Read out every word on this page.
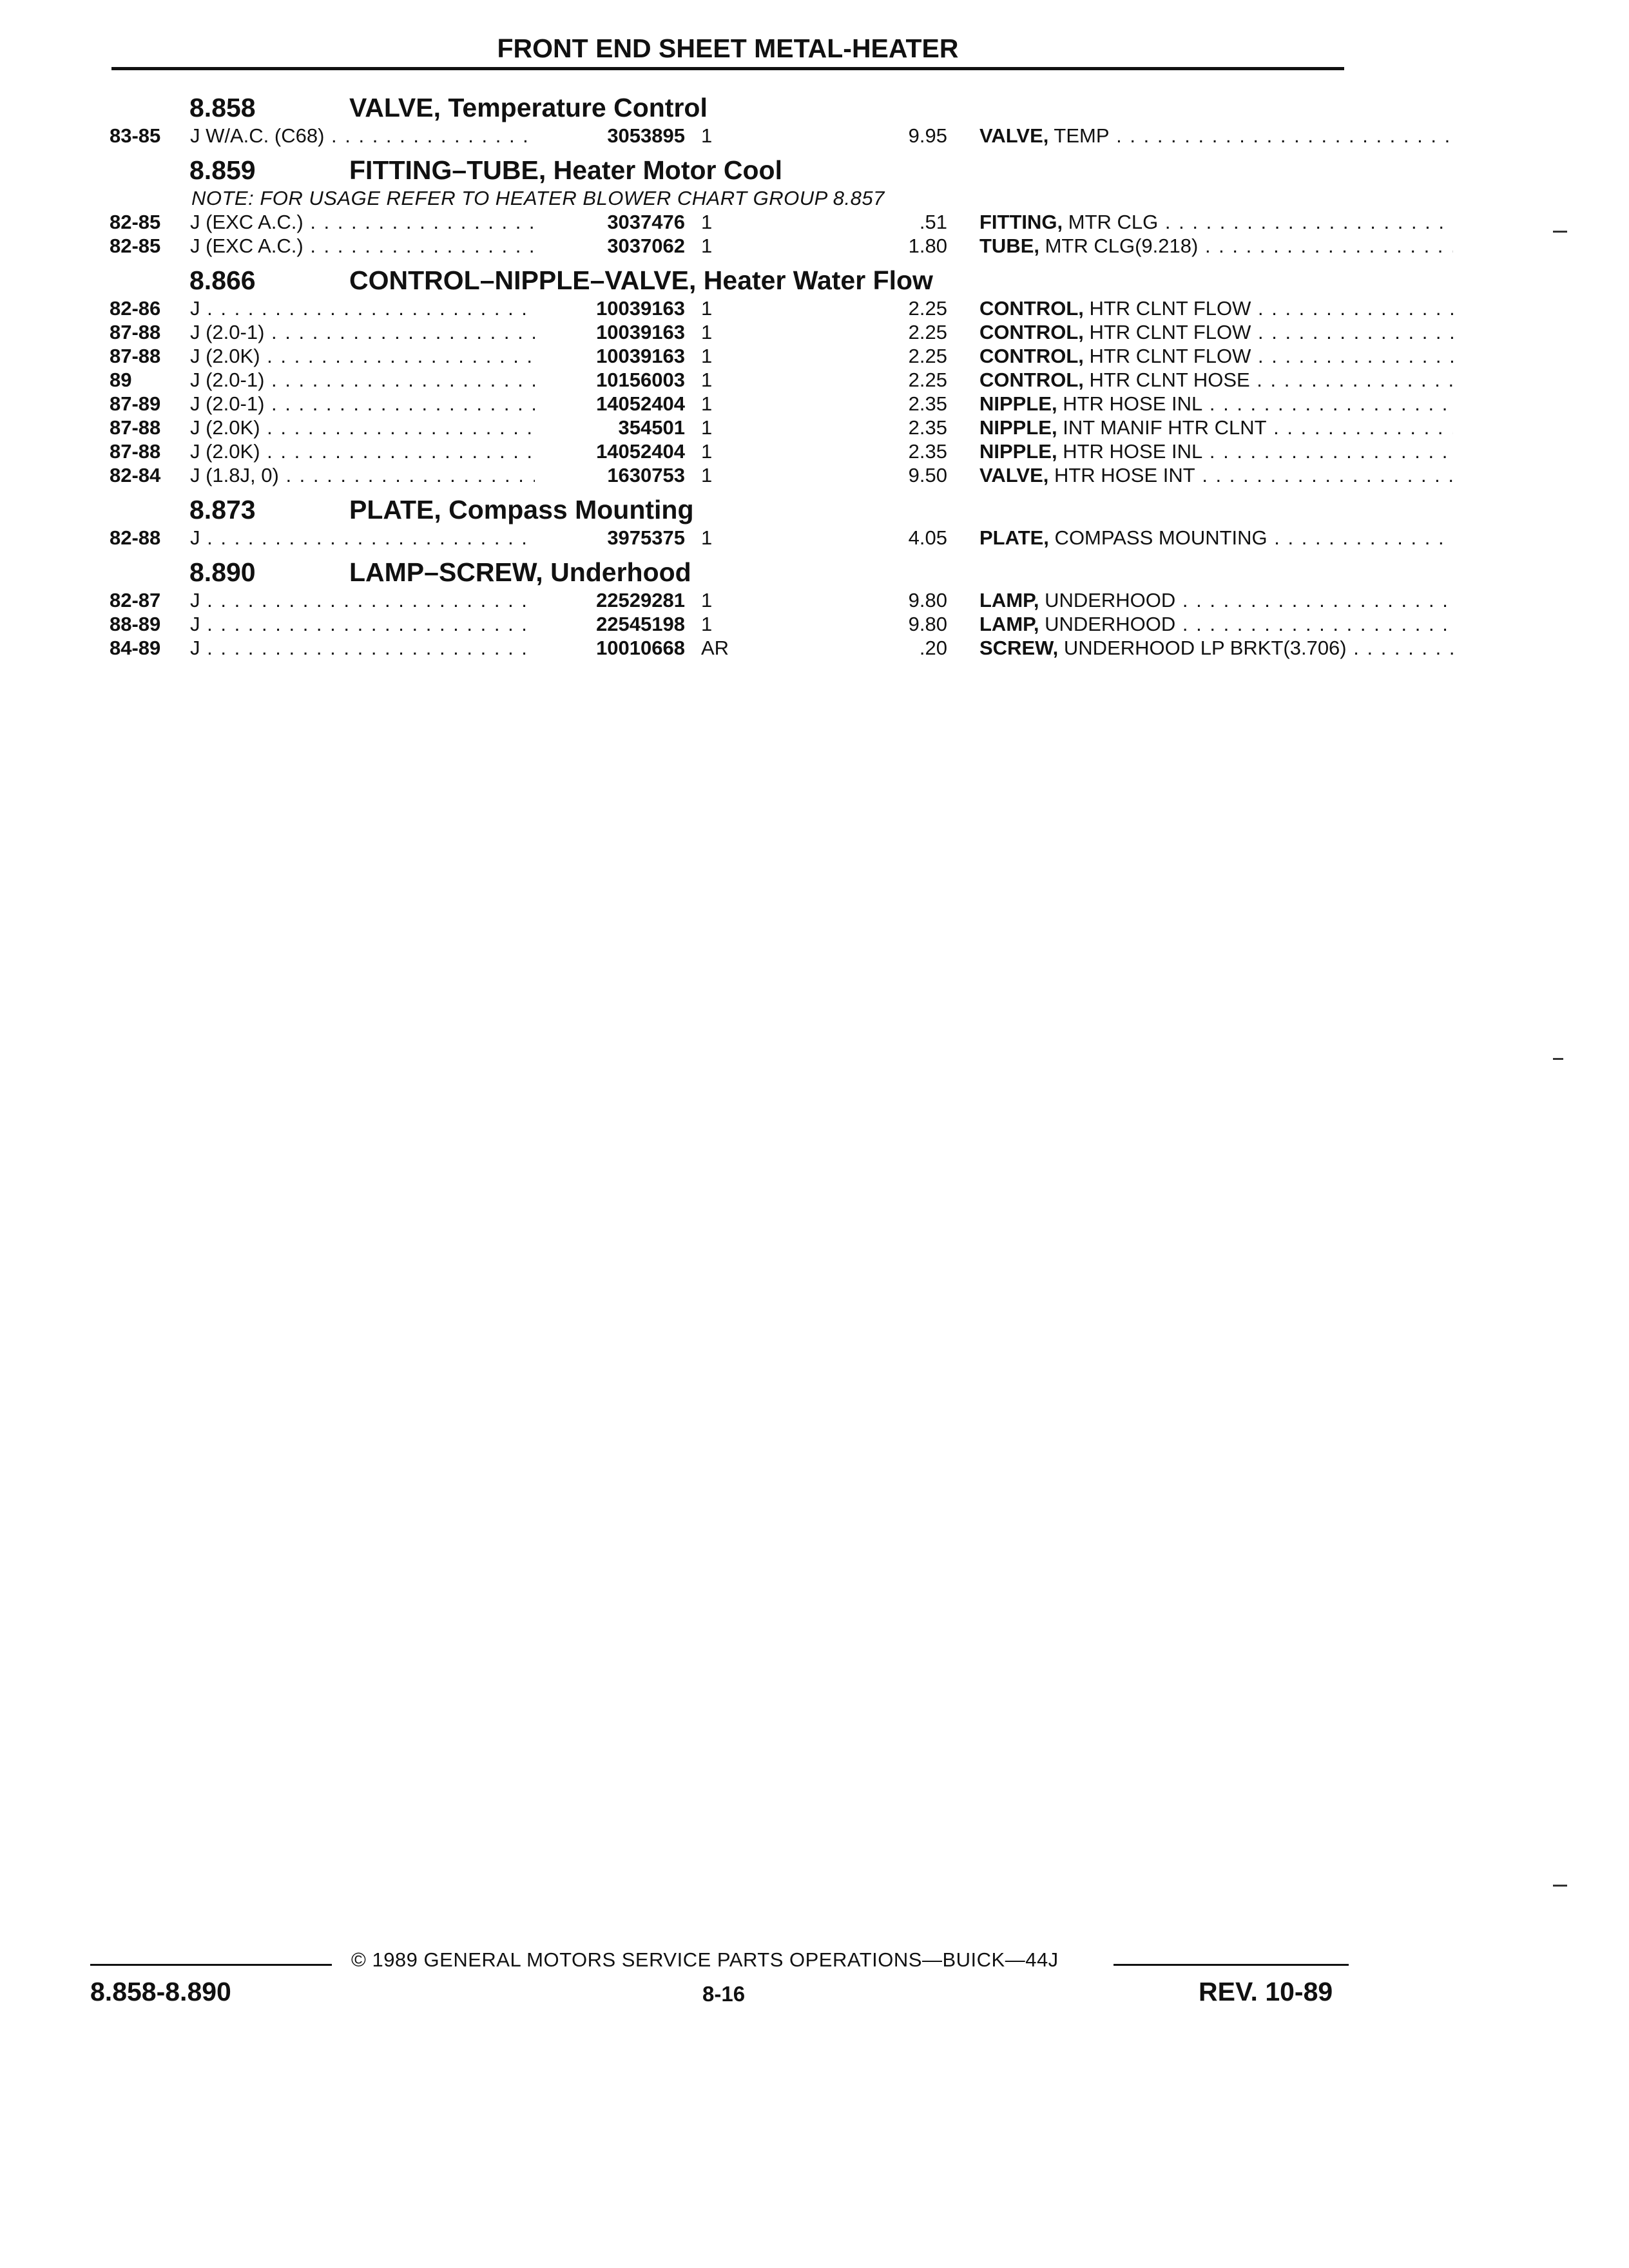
FRONT END SHEET METAL-HEATER
8.858	VALVE, Temperature Control
83-85	J W/A.C. (C68) . . .	3053895 1	9.95 VALVE, TEMP . . .
8.859	FITTING–TUBE, Heater Motor Cool
NOTE: FOR USAGE REFER TO HEATER BLOWER CHART GROUP 8.857
82-85	J (EXC A.C.) . . .	3037476 1	.51 FITTING, MTR CLG . . .
82-85	J (EXC A.C.) . . .	3037062 1	1.80 TUBE, MTR CLG(9.218) . . .
8.866	CONTROL–NIPPLE–VALVE, Heater Water Flow
82-86	J . . .	10039163 1	2.25 CONTROL, HTR CLNT FLOW . . .
87-88	J (2.0-1) . . .	10039163 1	2.25 CONTROL, HTR CLNT FLOW . . .
87-88	J (2.0K) . . .	10039163 1	2.25 CONTROL, HTR CLNT FLOW . . .
89	J (2.0-1) . . .	10156003 1	2.25 CONTROL, HTR CLNT HOSE . . .
87-89	J (2.0-1) . . .	14052404 1	2.35 NIPPLE, HTR HOSE INL . . .
87-88	J (2.0K) . . .	354501 1	2.35 NIPPLE, INT MANIF HTR CLNT . . .
87-88	J (2.0K) . . .	14052404 1	2.35 NIPPLE, HTR HOSE INL . . .
82-84	J (1.8J, 0) . . .	1630753 1	9.50 VALVE, HTR HOSE INT . . .
8.873	PLATE, Compass Mounting
82-88	J . . .	3975375 1	4.05 PLATE, COMPASS MOUNTING . . .
8.890	LAMP–SCREW, Underhood
82-87	J . . .	22529281 1	9.80 LAMP, UNDERHOOD . . .
88-89	J . . .	22545198 1	9.80 LAMP, UNDERHOOD . . .
84-89	J . . .	10010668 AR	.20 SCREW, UNDERHOOD LP BRKT(3.706) . . .
© 1989 GENERAL MOTORS SERVICE PARTS OPERATIONS—BUICK—44J
8.858-8.890	8-16	REV. 10-89
